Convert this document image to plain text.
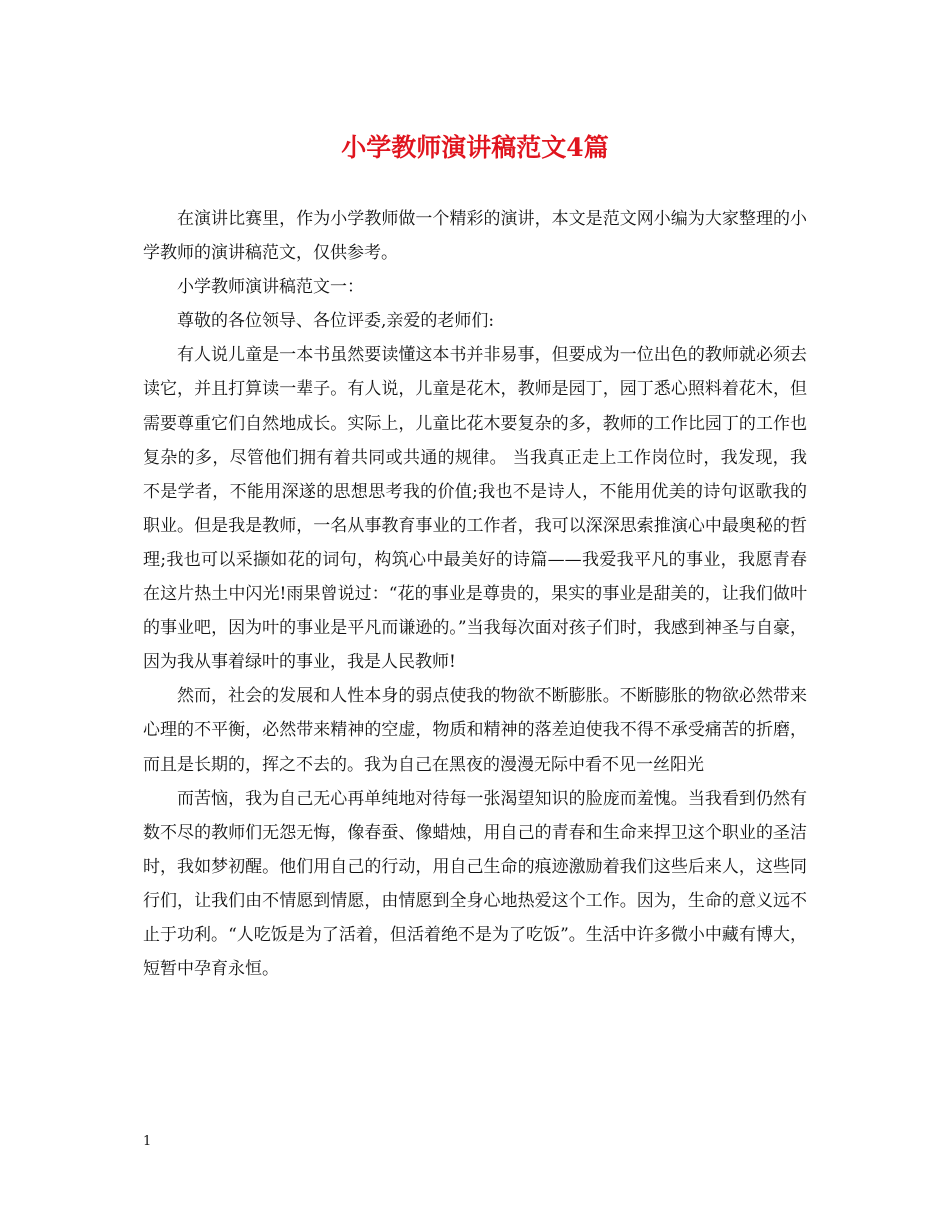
小学教师演讲稿范文4篇

在演讲比赛里，作为小学教师做一个精彩的演讲，本文是范文网小编为大家整理的小学教师的演讲稿范文，仅供参考。

小学教师演讲稿范文一：

尊敬的各位领导、各位评委,亲爱的老师们:

有人说儿童是一本书虽然要读懂这本书并非易事，但要成为一位出色的教师就必须去读它，并且打算读一辈子。有人说，儿童是花木，教师是园丁，园丁悉心照料着花木，但需要尊重它们自然地成长。实际上，儿童比花木要复杂的多，教师的工作比园丁的工作也复杂的多，尽管他们拥有着共同或共通的规律。 当我真正走上工作岗位时，我发现，我不是学者，不能用深遂的思想思考我的价值;我也不是诗人，不能用优美的诗句讴歌我的职业。但是我是教师，一名从事教育事业的工作者，我可以深深思索推演心中最奥秘的哲理;我也可以采撷如花的词句，构筑心中最美好的诗篇——我爱我平凡的事业，我愿青春在这片热土中闪光!雨果曾说过：“花的事业是尊贵的，果实的事业是甜美的，让我们做叶的事业吧，因为叶的事业是平凡而谦逊的。”当我每次面对孩子们时，我感到神圣与自豪，因为我从事着绿叶的事业，我是人民教师!

然而，社会的发展和人性本身的弱点使我的物欲不断膨胀。不断膨胀的物欲必然带来心理的不平衡，必然带来精神的空虚，物质和精神的落差迫使我不得不承受痛苦的折磨，而且是长期的，挥之不去的。我为自己在黑夜的漫漫无际中看不见一丝阳光

而苦恼，我为自己无心再单纯地对待每一张渴望知识的脸庞而羞愧。当我看到仍然有数不尽的教师们无怨无悔，像春蚕、像蜡烛，用自己的青春和生命来捍卫这个职业的圣洁时，我如梦初醒。他们用自己的行动，用自己生命的痕迹激励着我们这些后来人，这些同行们，让我们由不情愿到情愿，由情愿到全身心地热爱这个工作。因为，生命的意义远不止于功利。“人吃饭是为了活着，但活着绝不是为了吃饭”。生活中许多微小中藏有博大，短暂中孕育永恒。

1
